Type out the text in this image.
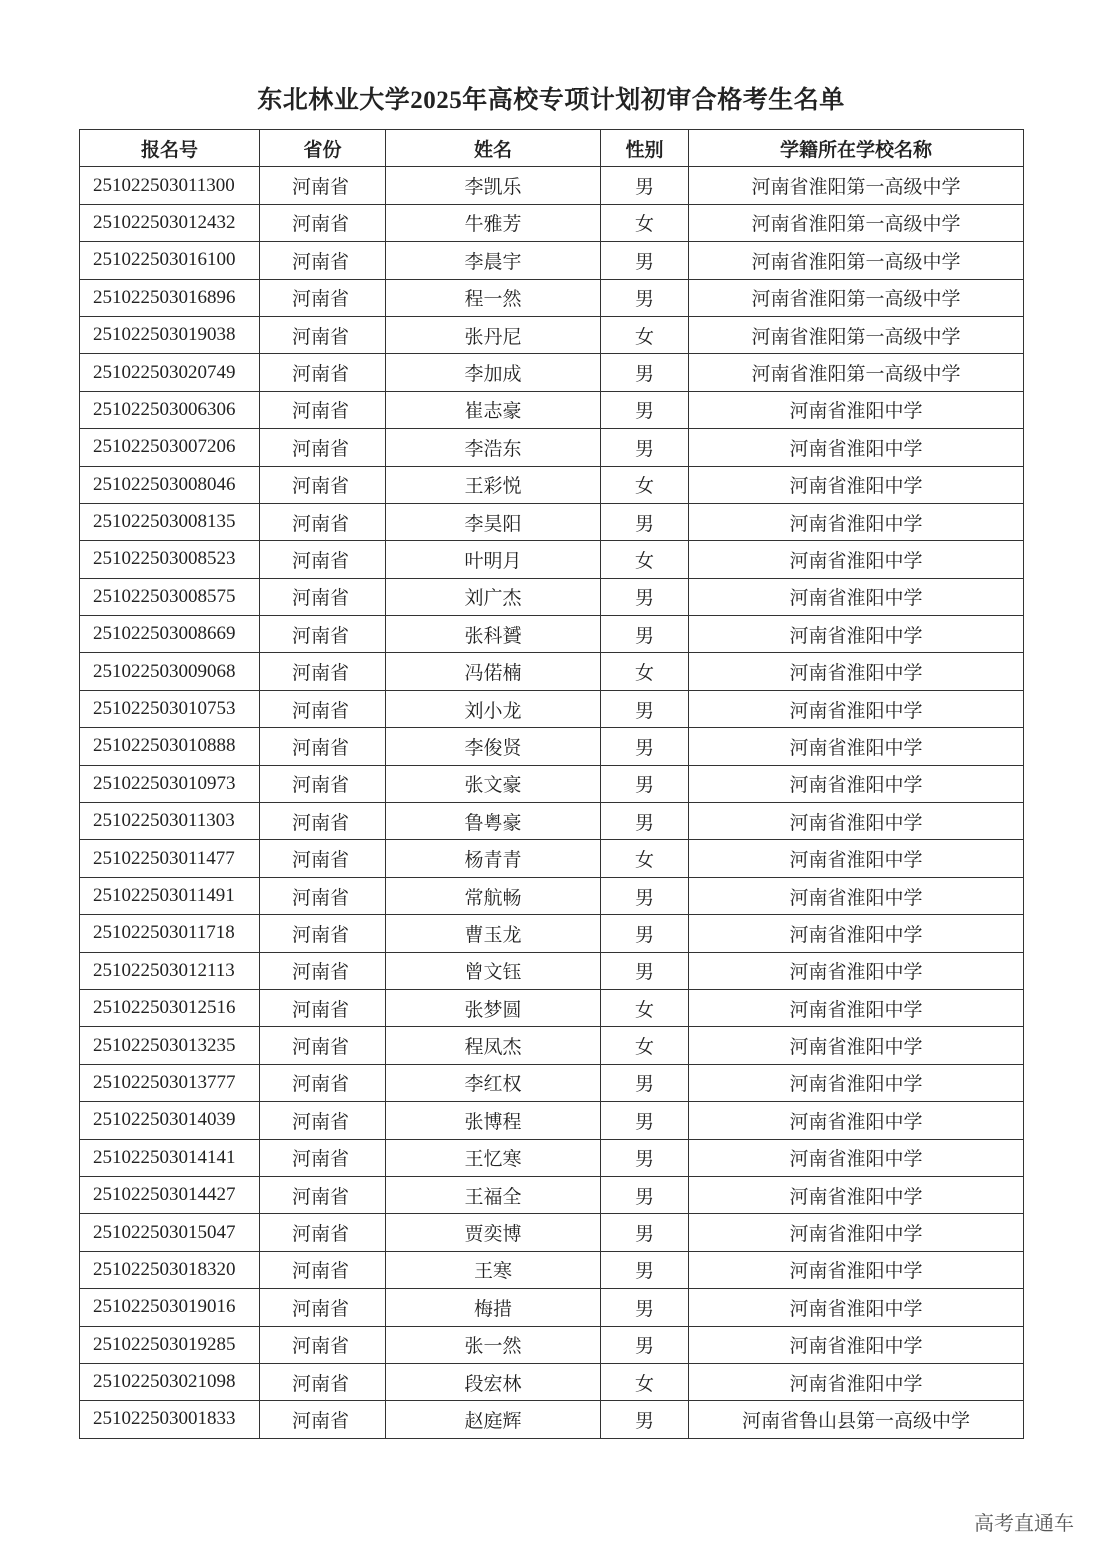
东北林业大学2025年高校专项计划初审合格考生名单
报名号	省份	姓名	性别	学籍所在学校名称
251022503011300	河南省	李凯乐	男	河南省淮阳第一高级中学
251022503012432	河南省	牛雅芳	女	河南省淮阳第一高级中学
251022503016100	河南省	李晨宇	男	河南省淮阳第一高级中学
251022503016896	河南省	程一然	男	河南省淮阳第一高级中学
251022503019038	河南省	张丹尼	女	河南省淮阳第一高级中学
251022503020749	河南省	李加成	男	河南省淮阳第一高级中学
251022503006306	河南省	崔志豪	男	河南省淮阳中学
251022503007206	河南省	李浩东	男	河南省淮阳中学
251022503008046	河南省	王彩悦	女	河南省淮阳中学
251022503008135	河南省	李昊阳	男	河南省淮阳中学
251022503008523	河南省	叶明月	女	河南省淮阳中学
251022503008575	河南省	刘广杰	男	河南省淮阳中学
251022503008669	河南省	张科贇	男	河南省淮阳中学
251022503009068	河南省	冯偌楠	女	河南省淮阳中学
251022503010753	河南省	刘小龙	男	河南省淮阳中学
251022503010888	河南省	李俊贤	男	河南省淮阳中学
251022503010973	河南省	张文豪	男	河南省淮阳中学
251022503011303	河南省	鲁粤豪	男	河南省淮阳中学
251022503011477	河南省	杨青青	女	河南省淮阳中学
251022503011491	河南省	常航畅	男	河南省淮阳中学
251022503011718	河南省	曹玉龙	男	河南省淮阳中学
251022503012113	河南省	曾文钰	男	河南省淮阳中学
251022503012516	河南省	张梦圆	女	河南省淮阳中学
251022503013235	河南省	程凤杰	女	河南省淮阳中学
251022503013777	河南省	李红权	男	河南省淮阳中学
251022503014039	河南省	张博程	男	河南省淮阳中学
251022503014141	河南省	王忆寒	男	河南省淮阳中学
251022503014427	河南省	王福全	男	河南省淮阳中学
251022503015047	河南省	贾奕博	男	河南省淮阳中学
251022503018320	河南省	王寒	男	河南省淮阳中学
251022503019016	河南省	梅措	男	河南省淮阳中学
251022503019285	河南省	张一然	男	河南省淮阳中学
251022503021098	河南省	段宏林	女	河南省淮阳中学
251022503001833	河南省	赵庭辉	男	河南省鲁山县第一高级中学
高考直通车
